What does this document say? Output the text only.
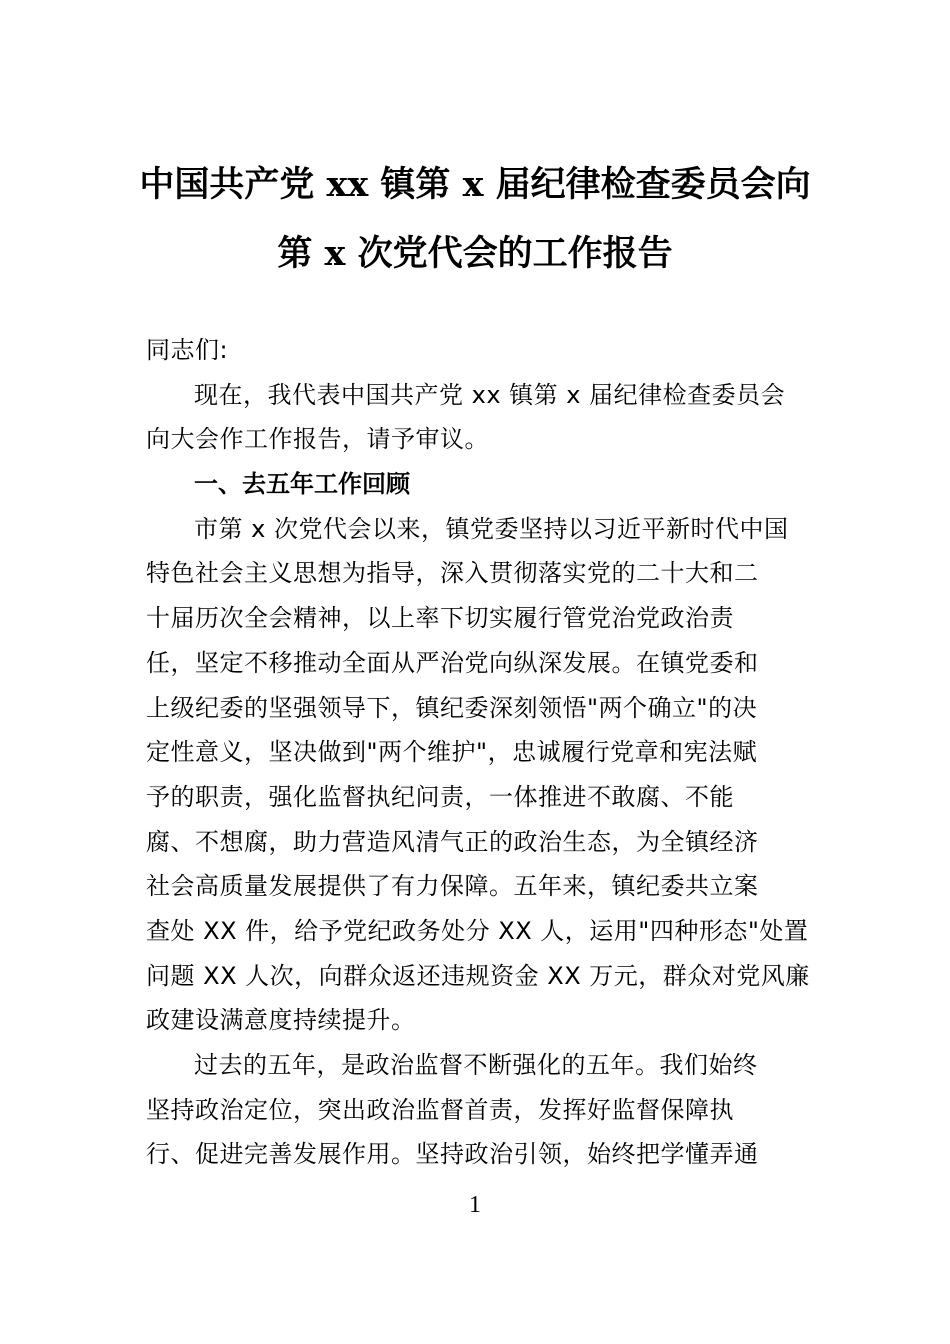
中国共产党 xx 镇第 x 届纪律检查委员会向
第 x 次党代会的工作报告
同志们:
现在，我代表中国共产党 xx 镇第 x 届纪律检查委员会
向大会作工作报告，请予审议。
一、去五年工作回顾
市第 x 次党代会以来，镇党委坚持以习近平新时代中国
特色社会主义思想为指导，深入贯彻落实党的二十大和二
十届历次全会精神，以上率下切实履行管党治党政治责
任，坚定不移推动全面从严治党向纵深发展。在镇党委和
上级纪委的坚强领导下，镇纪委深刻领悟"两个确立"的决
定性意义，坚决做到"两个维护"，忠诚履行党章和宪法赋
予的职责，强化监督执纪问责，一体推进不敢腐、不能
腐、不想腐，助力营造风清气正的政治生态，为全镇经济
社会高质量发展提供了有力保障。五年来，镇纪委共立案
查处 XX 件，给予党纪政务处分 XX 人，运用"四种形态"处置
问题 XX 人次，向群众返还违规资金 XX 万元，群众对党风廉
政建设满意度持续提升。
过去的五年，是政治监督不断强化的五年。我们始终
坚持政治定位，突出政治监督首责，发挥好监督保障执
行、促进完善发展作用。坚持政治引领，始终把学懂弄通
1
